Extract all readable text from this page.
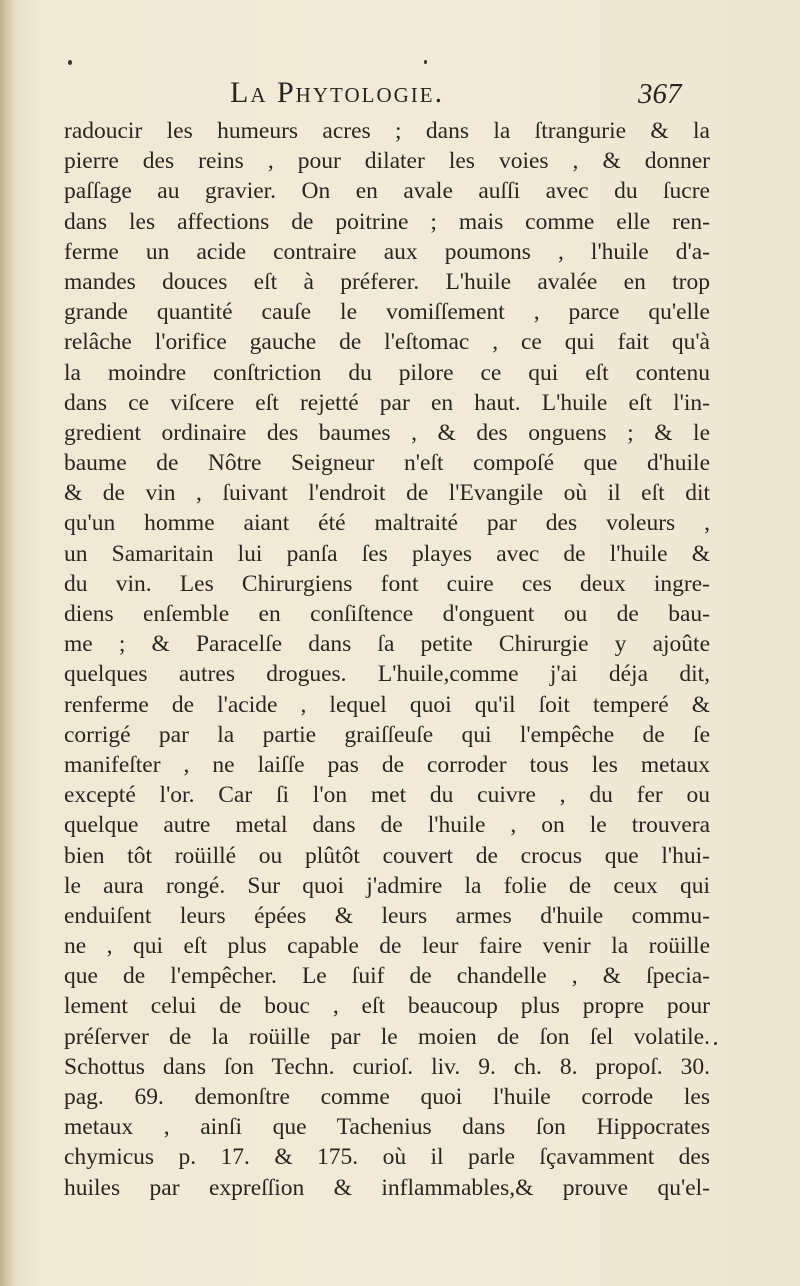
La Phytologie.	367
radoucir les humeurs acres ; dans la ſtrangurie & la
pierre des reins , pour dilater les voies , & donner
paſſage au gravier. On en avale auſſi avec du ſucre
dans les affections de poitrine ; mais comme elle ren-
ferme un acide contraire aux poumons , l'huile d'a-
mandes douces eſt à préferer. L'huile avalée en trop
grande quantité cauſe le vomiſſement , parce qu'elle
relâche l'orifice gauche de l'eſtomac , ce qui fait qu'à
la moindre conſtriction du pilore ce qui eſt contenu
dans ce viſcere eſt rejetté par en haut. L'huile eſt l'in-
gredient ordinaire des baumes , & des onguens ; & le
baume de Nôtre Seigneur n'eſt compoſé que d'huile
& de vin , ſuivant l'endroit de l'Evangile où il eſt dit
qu'un homme aiant été maltraité par des voleurs ,
un Samaritain lui panſa ſes playes avec de l'huile &
du vin. Les Chirurgiens font cuire ces deux ingre-
diens enſemble en conſiſtence d'onguent ou de bau-
me ; & Paracelſe dans ſa petite Chirurgie y ajoûte
quelques autres drogues. L'huile,comme j'ai déja dit,
renferme de l'acide , lequel quoi qu'il ſoit temperé &
corrigé par la partie graiſſeuſe qui l'empêche de ſe
manifeſter , ne laiſſe pas de corroder tous les metaux
excepté l'or. Car ſi l'on met du cuivre , du fer ou
quelque autre metal dans de l'huile , on le trouvera
bien tôt roüillé ou plûtôt couvert de crocus que l'hui-
le aura rongé. Sur quoi j'admire la folie de ceux qui
enduiſent leurs épées & leurs armes d'huile commu-
ne , qui eſt plus capable de leur faire venir la roüille
que de l'empêcher. Le ſuif de chandelle , & ſpecia-
lement celui de bouc , eſt beaucoup plus propre pour
préſerver de la roüille par le moien de ſon ſel volatile.
Schottus dans ſon Techn. curioſ. liv. 9. ch. 8. propoſ. 30.
pag. 69. demonſtre comme quoi l'huile corrode les
metaux , ainſi que Tachenius dans ſon Hippocrates
chymicus p. 17. & 175. où il parle ſçavamment des
huiles par expreſſion & inflammables,& prouve qu'el-
